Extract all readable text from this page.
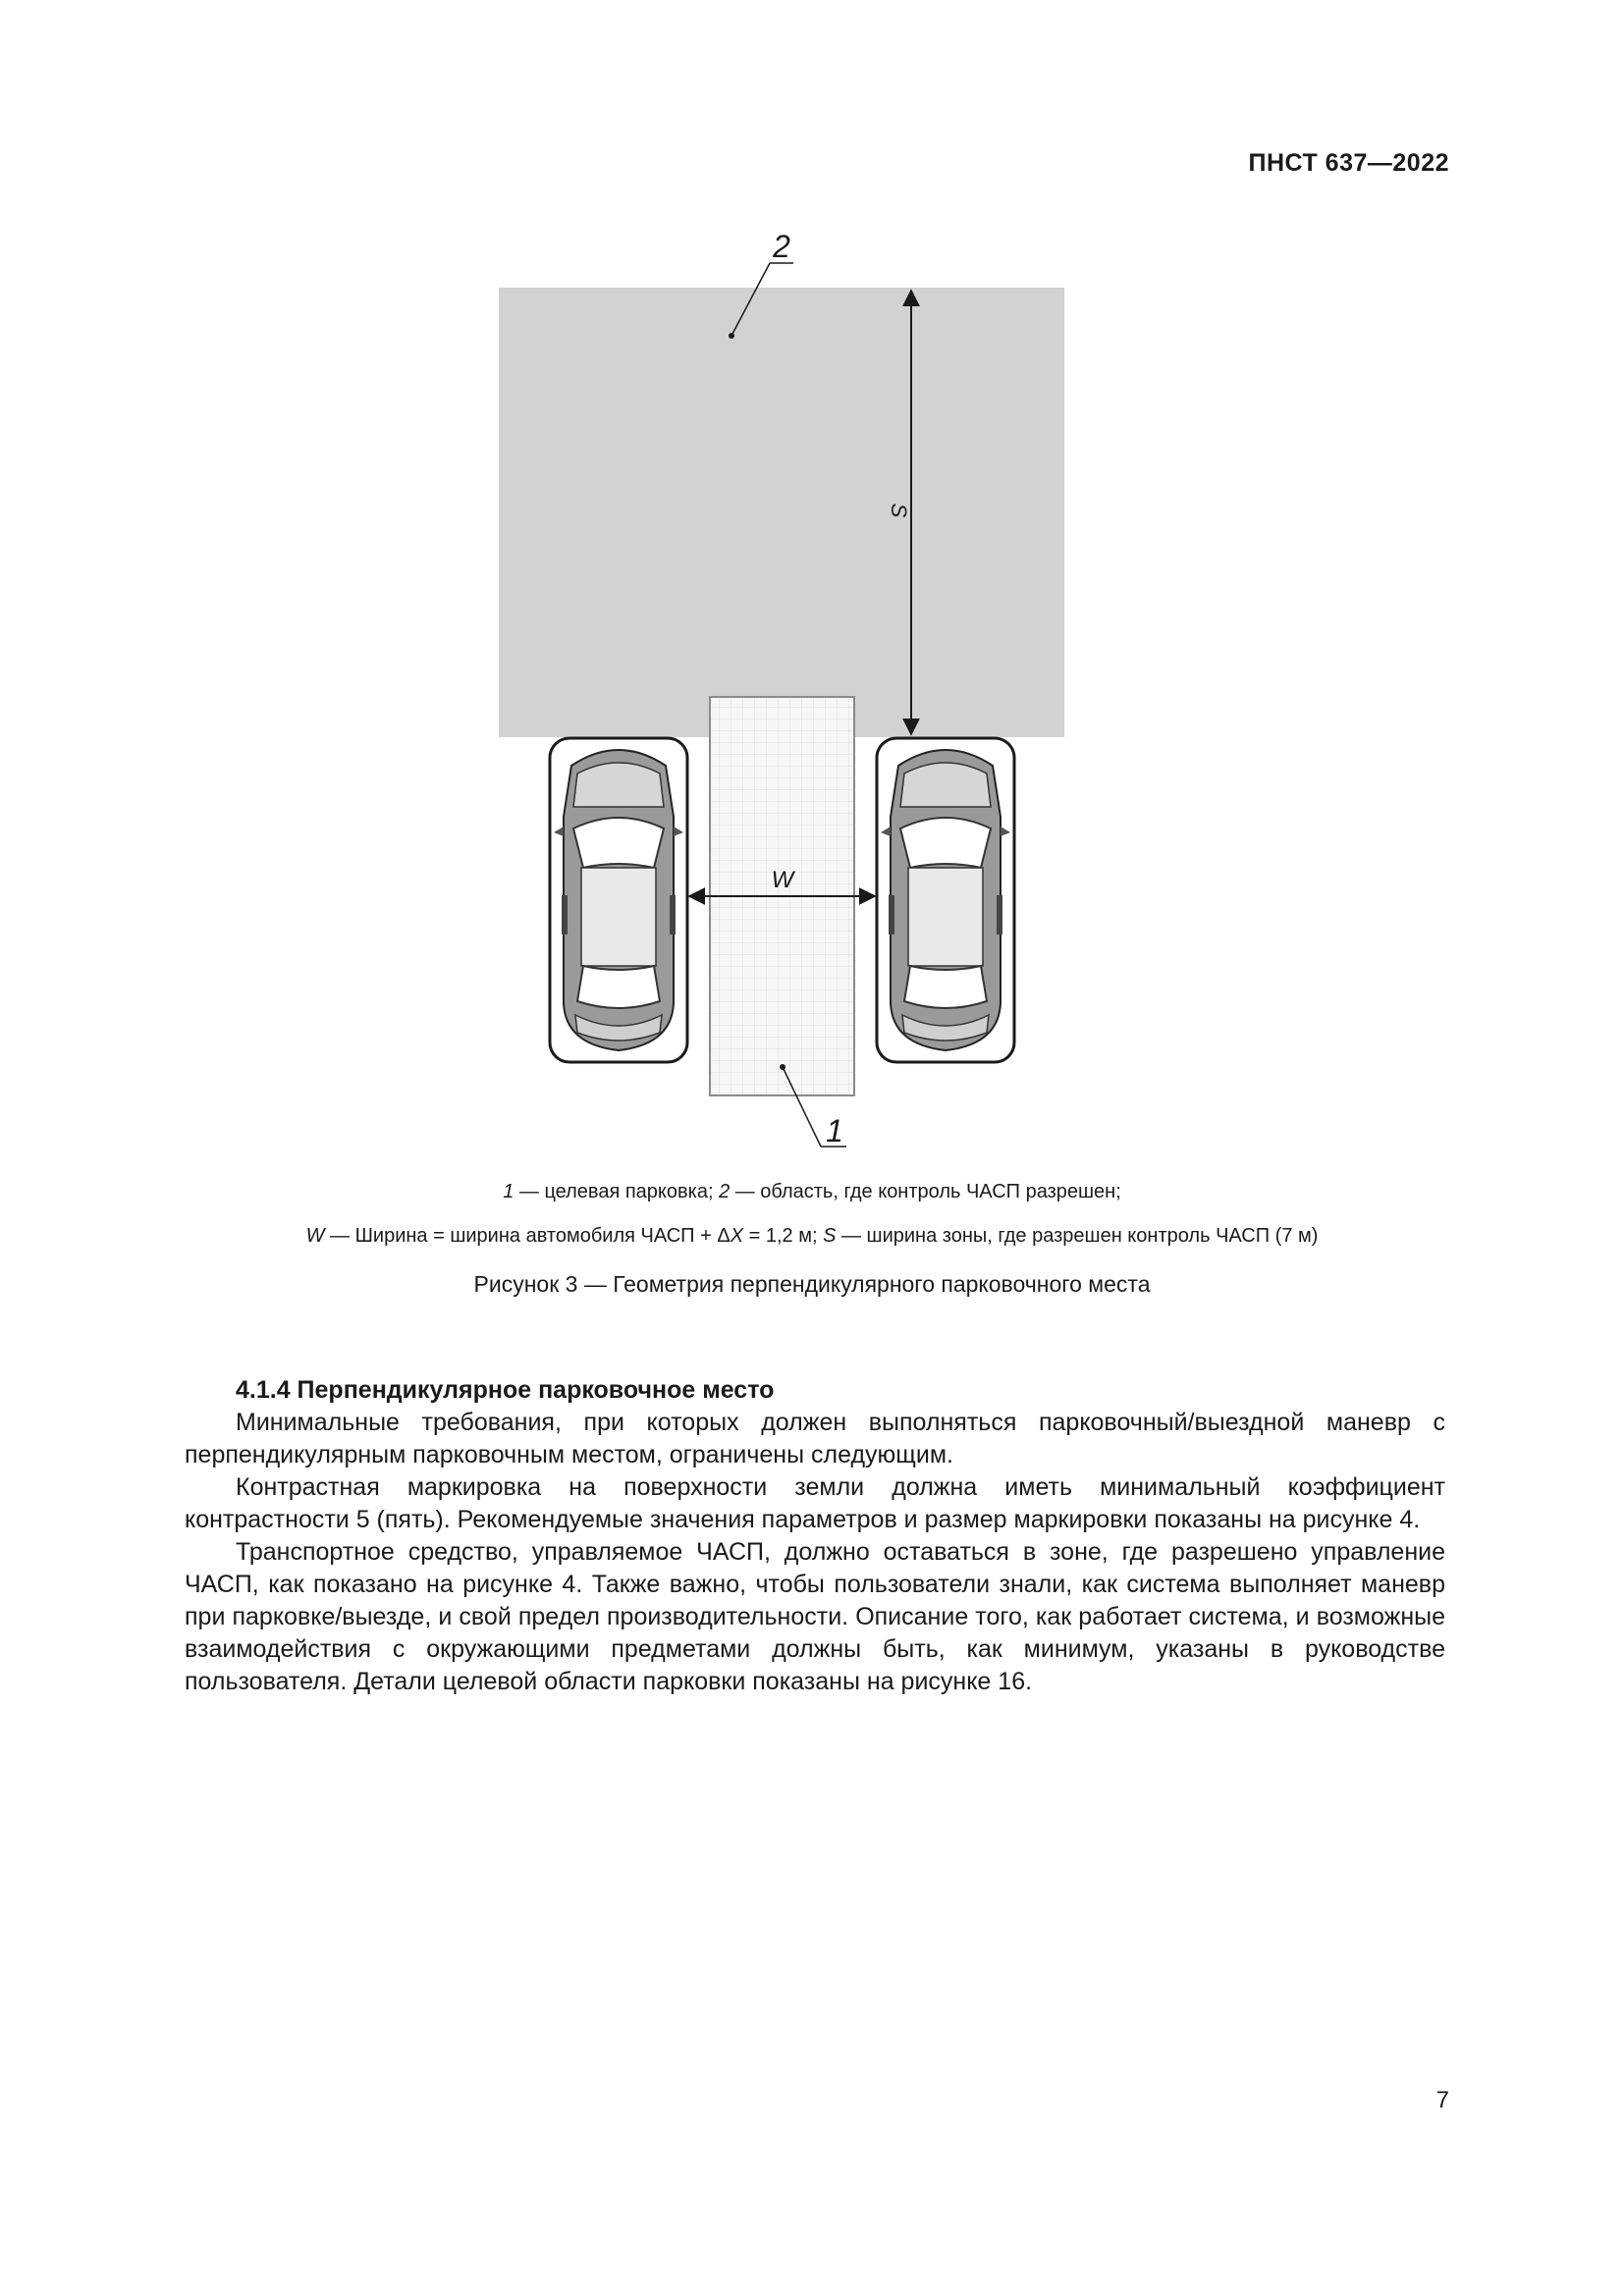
ПНСТ 637—2022
S
W
2
1
1 — целевая парковка; 2 — область, где контроль ЧАСП разрешен;
W — Ширина = ширина автомобиля ЧАСП + ΔX = 1,2 м; S — ширина зоны, где разрешен контроль ЧАСП (7 м)
Рисунок 3 — Геометрия перпендикулярного парковочного места
4.1.4 Перпендикулярное парковочное место

Минимальные требования, при которых должен выполняться парковочный/выездной маневр с перпендикулярным парковочным местом, ограничены следующим.

Контрастная маркировка на поверхности земли должна иметь минимальный коэффициент контрастности 5 (пять). Рекомендуемые значения параметров и размер маркировки показаны на рисунке 4.

Транспортное средство, управляемое ЧАСП, должно оставаться в зоне, где разрешено управление ЧАСП, как показано на рисунке 4. Также важно, чтобы пользователи знали, как система выполняет маневр при парковке/выезде, и свой предел производительности. Описание того, как работает система, и возможные взаимодействия с окружающими предметами должны быть, как минимум, указаны в руководстве пользователя. Детали целевой области парковки показаны на рисунке 16.

7
